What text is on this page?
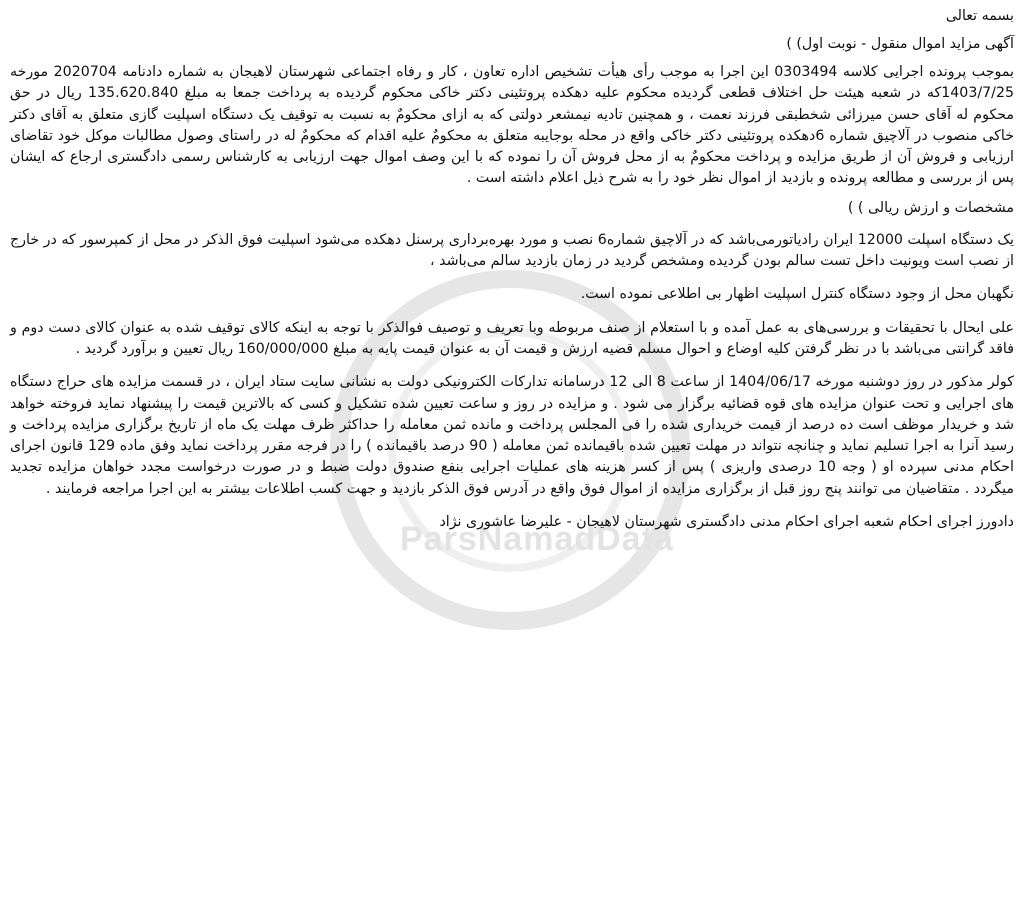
ParsNamadData

بسمه تعالی

آگهی مزاید اموال منقول - نوبت اول) )

بموجب پرونده اجرایی کلاسه 0303494 این اجرا به موجب رأی هیأت تشخیص اداره تعاون ، کار و رفاه اجتماعی شهرستان لاهیجان به شماره دادنامه 2020704 مورخه 1403/7/25که در شعبه هیئت حل اختلاف قطعی گردیده محکوم علیه دهکده پروتئینی دکتر خاکی محکوم گردیده به پرداخت جمعا به مبلغ 135.620.840 ریال در حق محکوم له آقای حسن میرزائی شخطبقی فرزند نعمت ، و همچنین تادیه نیمشعر دولتی که به ازای محکومٌ به نسبت به توقیف یک دستگاه اسپلیت گازی متعلق به آقای دکتر خاکی منصوب در آلاچیق شماره 6دهکده پروتئینی دکتر خاکی واقع در محله بوجایبه متعلق به محکومٌ علیه اقدام که محکومٌ له در راستای وصول مطالبات موکل خود تقاضای ارزیابی و فروش آن از طریق مزایده و پرداخت محکومٌ به از محل فروش آن را نموده که با این وصف اموال جهت ارزیابی به کارشناس رسمی دادگستری ارجاع که ایشان پس از بررسی و مطالعه پرونده و بازدید از اموال نظر خود را به شرح ذیل اعلام داشته است .

مشخصات و ارزش ریالی ) )

یک دستگاه اسپلت 12000 ایران رادیاتورمی‌باشد که در آلاچیق شماره6 نصب و مورد بهره‌برداری پرسنل دهکده می‌شود اسپلیت فوق الذکر در محل از کمپرسور که در خارج از نصب است ویونیت داخل تست سالم بودن گردیده ومشخص گردید در زمان بازدید سالم می‌باشد ،

نگهبان محل از وجود دستگاه کنترل اسپلیت اظهار بی اطلاعی نموده است.

علی ایحال با تحقیقات و بررسی‌های به عمل آمده و با استعلام از صنف مربوطه وبا تعریف و توصیف فوالذکر با توجه به اینکه کالای توقیف شده به عنوان کالای دست دوم و فاقد گرانتی می‌باشد با در نظر گرفتن کلیه اوضاع و احوال مسلم قضیه ارزش و قیمت آن به عنوان قیمت پایه به مبلغ 160/000/000 ریال تعیین و برآورد گردید .

کولر مذکور در روز دوشنبه مورخه 1404/06/17 از ساعت 8 الی 12 درسامانه تدارکات الکترونیکی دولت به نشانی سایت ستاد ایران ، در قسمت مزایده های حراج دستگاه های اجرایی و تحت عنوان مزایده های قوه قضائیه برگزار می شود . و مزایده در روز و ساعت تعیین شده تشکیل و کسی که بالاترین قیمت را پیشنهاد نماید فروخته خواهد شد و خریدار موظف است ده درصد از قیمت خریداری شده را فی المجلس پرداخت و مانده ثمن معامله را حداکثر ظرف مهلت یک ماه از تاریخ برگزاری مزایده پرداخت و رسید آنرا به اجرا تسلیم نماید و چنانچه نتواند در مهلت تعیین شده باقیمانده ثمن معامله ( 90 درصد باقیمانده ) را در فرجه مقرر پرداخت نماید وفق ماده 129 قانون اجرای احکام مدنی سپرده او ( وجه 10 درصدی واریزی ) پس از کسر هزینه های عملیات اجرایی بنفع صندوق دولت ضبط و در صورت درخواست مجدد خواهان مزایده تجدید میگردد . متقاضیان می توانند پنج روز قبل از برگزاری مزایده از اموال فوق واقع در آدرس فوق الذکر بازدید و جهت کسب اطلاعات بیشتر به این اجرا مراجعه فرمایند .

دادورز اجرای احکام شعبه اجرای احکام مدنی دادگستری شهرستان لاهیجان - علیرضا عاشوری نژاد
